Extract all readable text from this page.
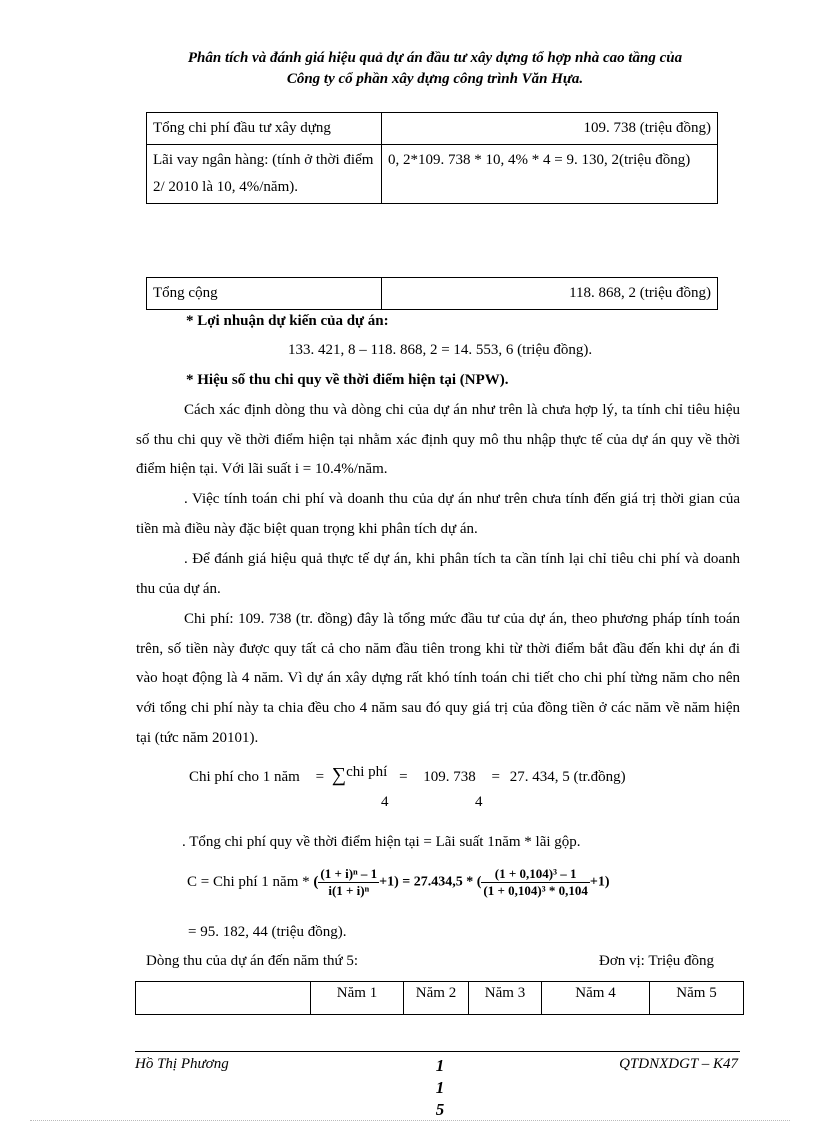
Phân tích và đánh giá hiệu quả dự án đầu tư xây dựng tổ hợp nhà cao tầng của
Công ty cổ phần xây dựng công trình Văn Hựa.
Tổng chi phí đầu tư xây dựng	109. 738 (triệu đồng)
Lãi vay ngân hàng: (tính ở thời điểm 2/ 2010 là 10, 4%/năm).	0, 2*109. 738 * 10, 4% * 4 = 9. 130, 2(triệu đồng)
Tổng cộng	118. 868, 2 (triệu đồng)
* Lợi nhuận dự kiến của dự án:
133. 421, 8 – 118. 868, 2 = 14. 553, 6 (triệu đồng).
* Hiệu số thu chi quy về thời điểm hiện tại (NPW).
Cách xác định dòng thu và dòng chi của dự án như trên là chưa hợp lý, ta tính chỉ tiêu hiệu số thu chi quy về thời điểm hiện tại nhằm xác định quy mô thu nhập thực tế của dự án quy về thời điểm hiện tại. Với lãi suất i = 10.4%/năm.
. Việc tính toán chi phí và doanh thu của dự án như trên chưa tính đến giá trị thời gian của tiền mà điều này đặc biệt quan trọng khi phân tích dự án.
. Để đánh giá hiệu quả thực tế dự án, khi phân tích ta cần tính lại chỉ tiêu chi phí và doanh thu của dự án.
Chi phí: 109. 738 (tr. đồng) đây là tổng mức đầu tư của dự án, theo phương pháp tính toán trên, số tiền này được quy tất cả cho năm đầu tiên trong khi từ thời điểm bắt đầu đến khi dự án đi vào hoạt động là 4 năm. Vì dự án xây dựng rất khó tính toán chi tiết cho chi phí từng năm cho nên với tổng chi phí này ta chia đều cho 4 năm sau đó quy giá trị của đồng tiền ở các năm về năm hiện tại (tức năm 20101).
Chi phí cho 1 năm = ∑chi phí = 109. 738 = 27. 434, 5 (tr.đồng)
4	4
. Tổng chi phí quy về thời điểm hiện tại = Lãi suất 1năm * lãi gộp.
C = Chi phí 1 năm * ( $\frac{\text{(1 + i)ⁿ – 1}}{\text{i(1 + i)ⁿ}} +1) = 27.434,5$ * ( $\frac{\text{(1 + 0,104)³ – 1}}{\text{(1 + 0,104)³ * 0,104}} +1$)
= 95. 182, 44 (triệu đồng).
Dòng thu của dự án đến năm thứ 5:	Đơn vị: Triệu đồng
	Năm 1	Năm 2	Năm 3	Năm 4	Năm 5
Hồ Thị Phương	1
1
5
QTDNXDGT – K47
